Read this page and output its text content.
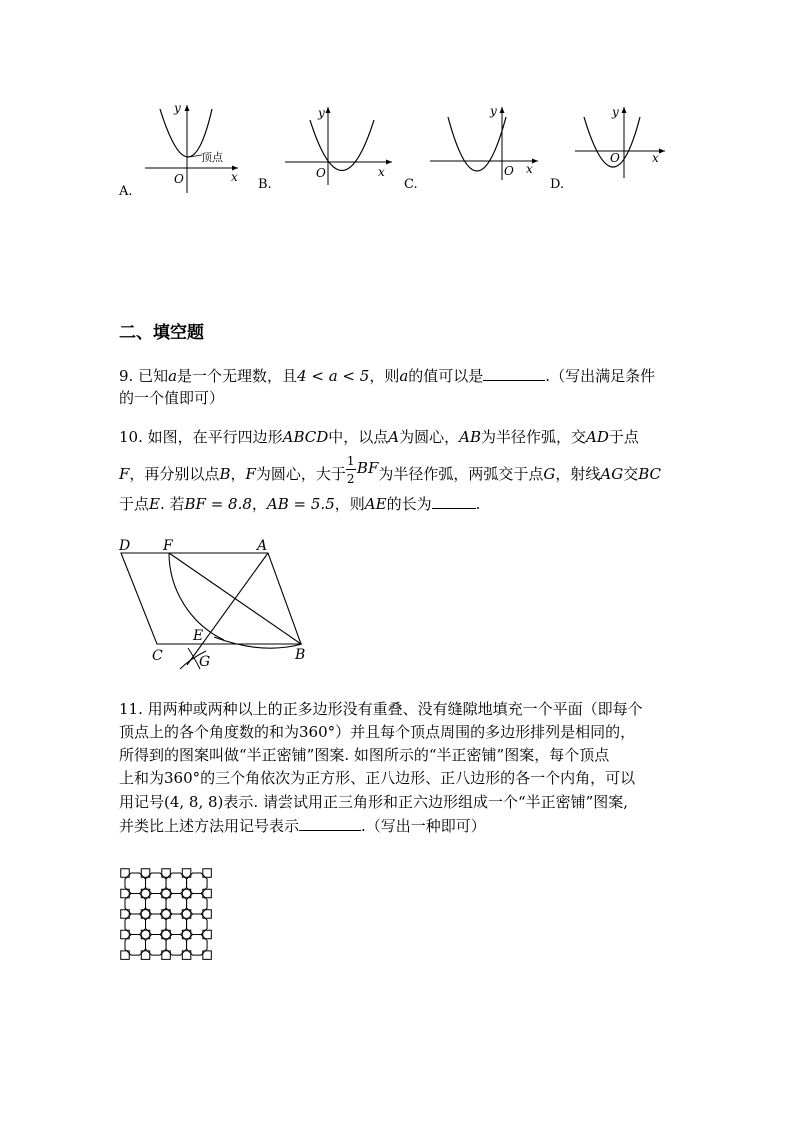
y
x
O
顶点
y
x
O
y
x
O
y
x
O
A.	B.	C.	D.
二、填空题
9. 已知a是一个无理数，且4 < a < 5，则a的值可以是	.（写出满足条件
的一个值即可）
10. 如图，在平行四边形ABCD中，以点A为圆心，AB为半径作弧，交AD于点
F，再分别以点B，F为圆心，大于 $\frac{1}{2}$ BF为半径作弧，两弧交于点G，射线AG交BC
于点E. 若BF = 8.8，AB = 5.5，则AE的长为	.
D F	A
E
C	G	B
11. 用两种或两种以上的正多边形没有重叠、没有缝隙地填充一个平面（即每个
顶点上的各个角度数的和为360°）并且每个顶点周围的多边形排列是相同的，
所得到的图案叫做“半正密铺”图案. 如图所示的“半正密铺”图案，每个顶点
上和为360°的三个角依次为正方形、正八边形、正八边形的各一个内角，可以
用记号(4, 8, 8)表示. 请尝试用正三角形和正六边形组成一个“半正密铺”图案,
并类比上述方法用记号表示	.（写出一种即可）
